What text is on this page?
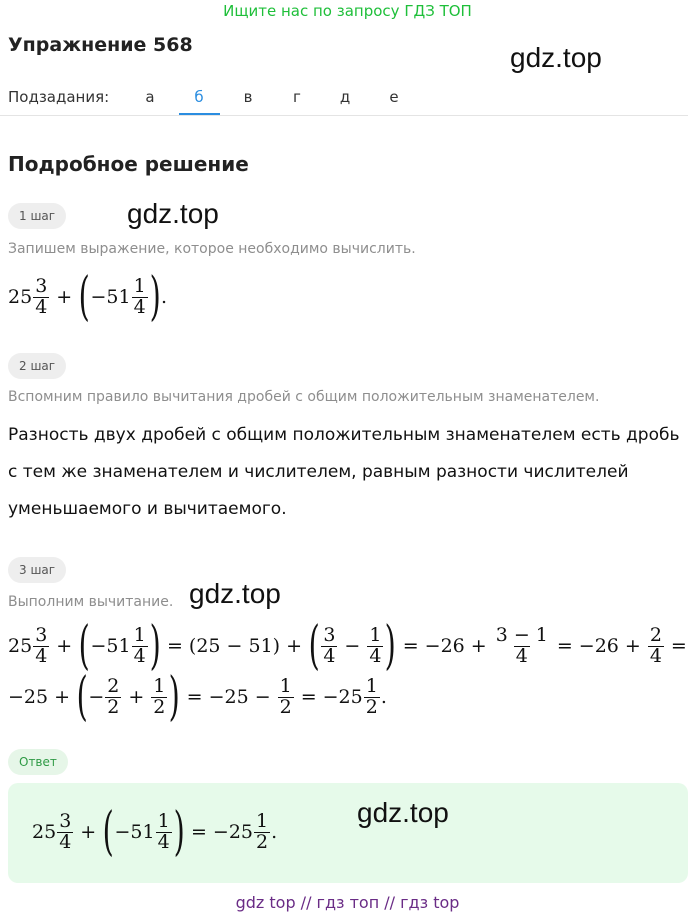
Ищите нас по запросу ГДЗ ТОП
Упражнение 568	gdz.top
Подзадания:	а	б	в	г	д	е
Подробное решение
1 шаг	gdz.top
Запишем выражение, которое необходимо вычислить.
$25 \frac{3}{4}$ + ( $-51 \frac{1}{4}$ ) .
2 шаг
Вспомним правило вычитания дробей с общим положительным знаменателем.
Разность двух дробей с общим положительным знаменателем есть дробь с тем же знаменателем и числителем, равным разности числителей уменьшаемого и вычитаемого.
3 шаг
Выполним вычитание. gdz.top
$25 \frac{3}{4}$ + ( $-51 \frac{1}{4}$ ) = (25 − 51) + ( $\frac{3}{4} - \frac{1}{4}$ ) = $-26 + \frac{3 - 1}{4} = -26 + \frac{2}{4}$ =
−25 + ( − $\frac{2}{2} + \frac{1}{2}$ ) = $-25 - \frac{1}{2} = -25 \frac{1}{2}$ .
Ответ
$25 \frac{3}{4}$ + ( $-51 \frac{1}{4}$ ) = $-25 \frac{1}{2}$ .
gdz.top
gdz top // гдз топ // гдз top
